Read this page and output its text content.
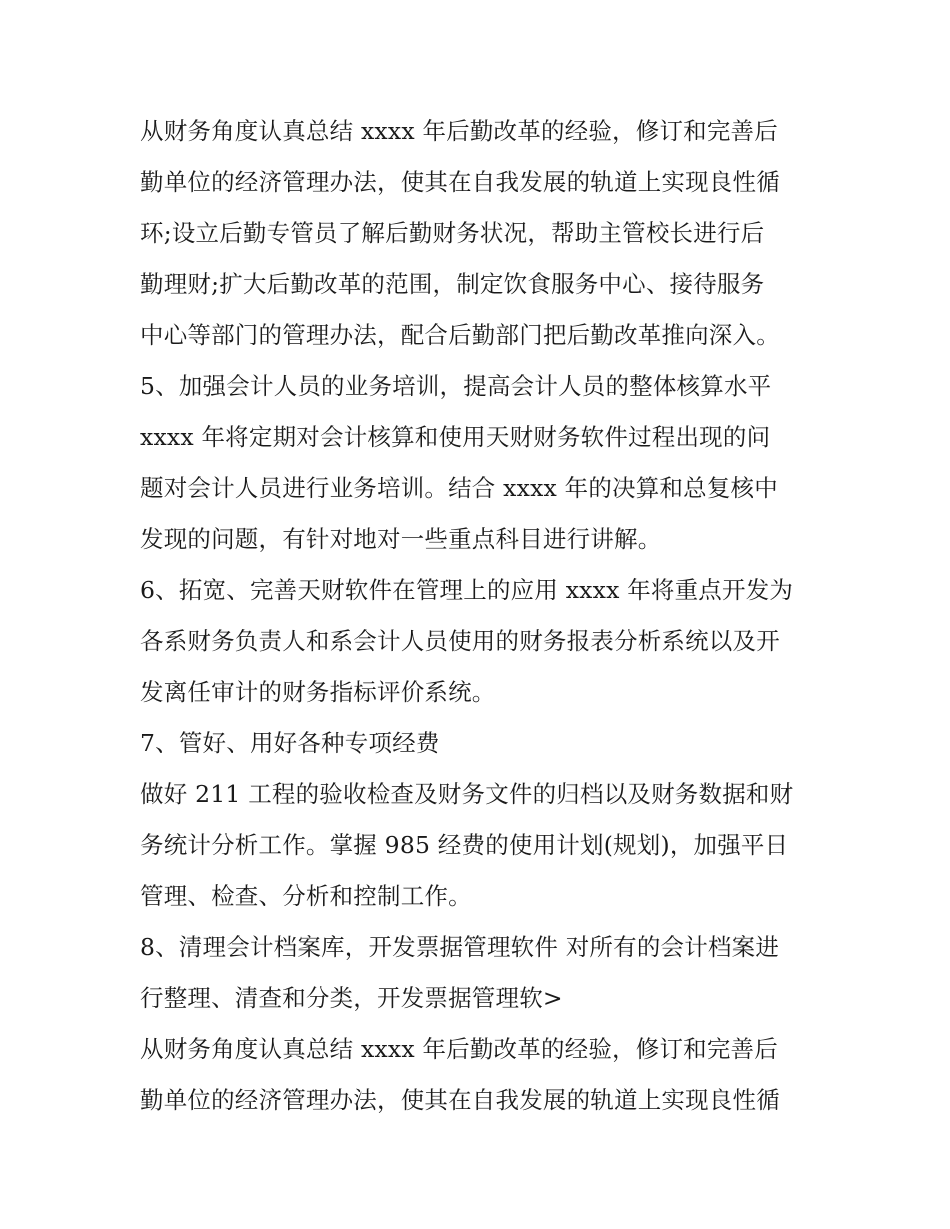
从财务角度认真总结 xxxx 年后勤改革的经验，修订和完善后
勤单位的经济管理办法，使其在自我发展的轨道上实现良性循
环;设立后勤专管员了解后勤财务状况，帮助主管校长进行后
勤理财;扩大后勤改革的范围，制定饮食服务中心、接待服务
中心等部门的管理办法，配合后勤部门把后勤改革推向深入。
5、加强会计人员的业务培训，提高会计人员的整体核算水平
xxxx 年将定期对会计核算和使用天财财务软件过程出现的问
题对会计人员进行业务培训。结合 xxxx 年的决算和总复核中
发现的问题，有针对地对一些重点科目进行讲解。
6、拓宽、完善天财软件在管理上的应用 xxxx 年将重点开发为
各系财务负责人和系会计人员使用的财务报表分析系统以及开
发离任审计的财务指标评价系统。
7、管好、用好各种专项经费
做好 211 工程的验收检查及财务文件的归档以及财务数据和财
务统计分析工作。掌握 985 经费的使用计划(规划)，加强平日
管理、检查、分析和控制工作。
8、清理会计档案库，开发票据管理软件 对所有的会计档案进
行整理、清查和分类，开发票据管理软>
从财务角度认真总结 xxxx 年后勤改革的经验，修订和完善后
勤单位的经济管理办法，使其在自我发展的轨道上实现良性循
